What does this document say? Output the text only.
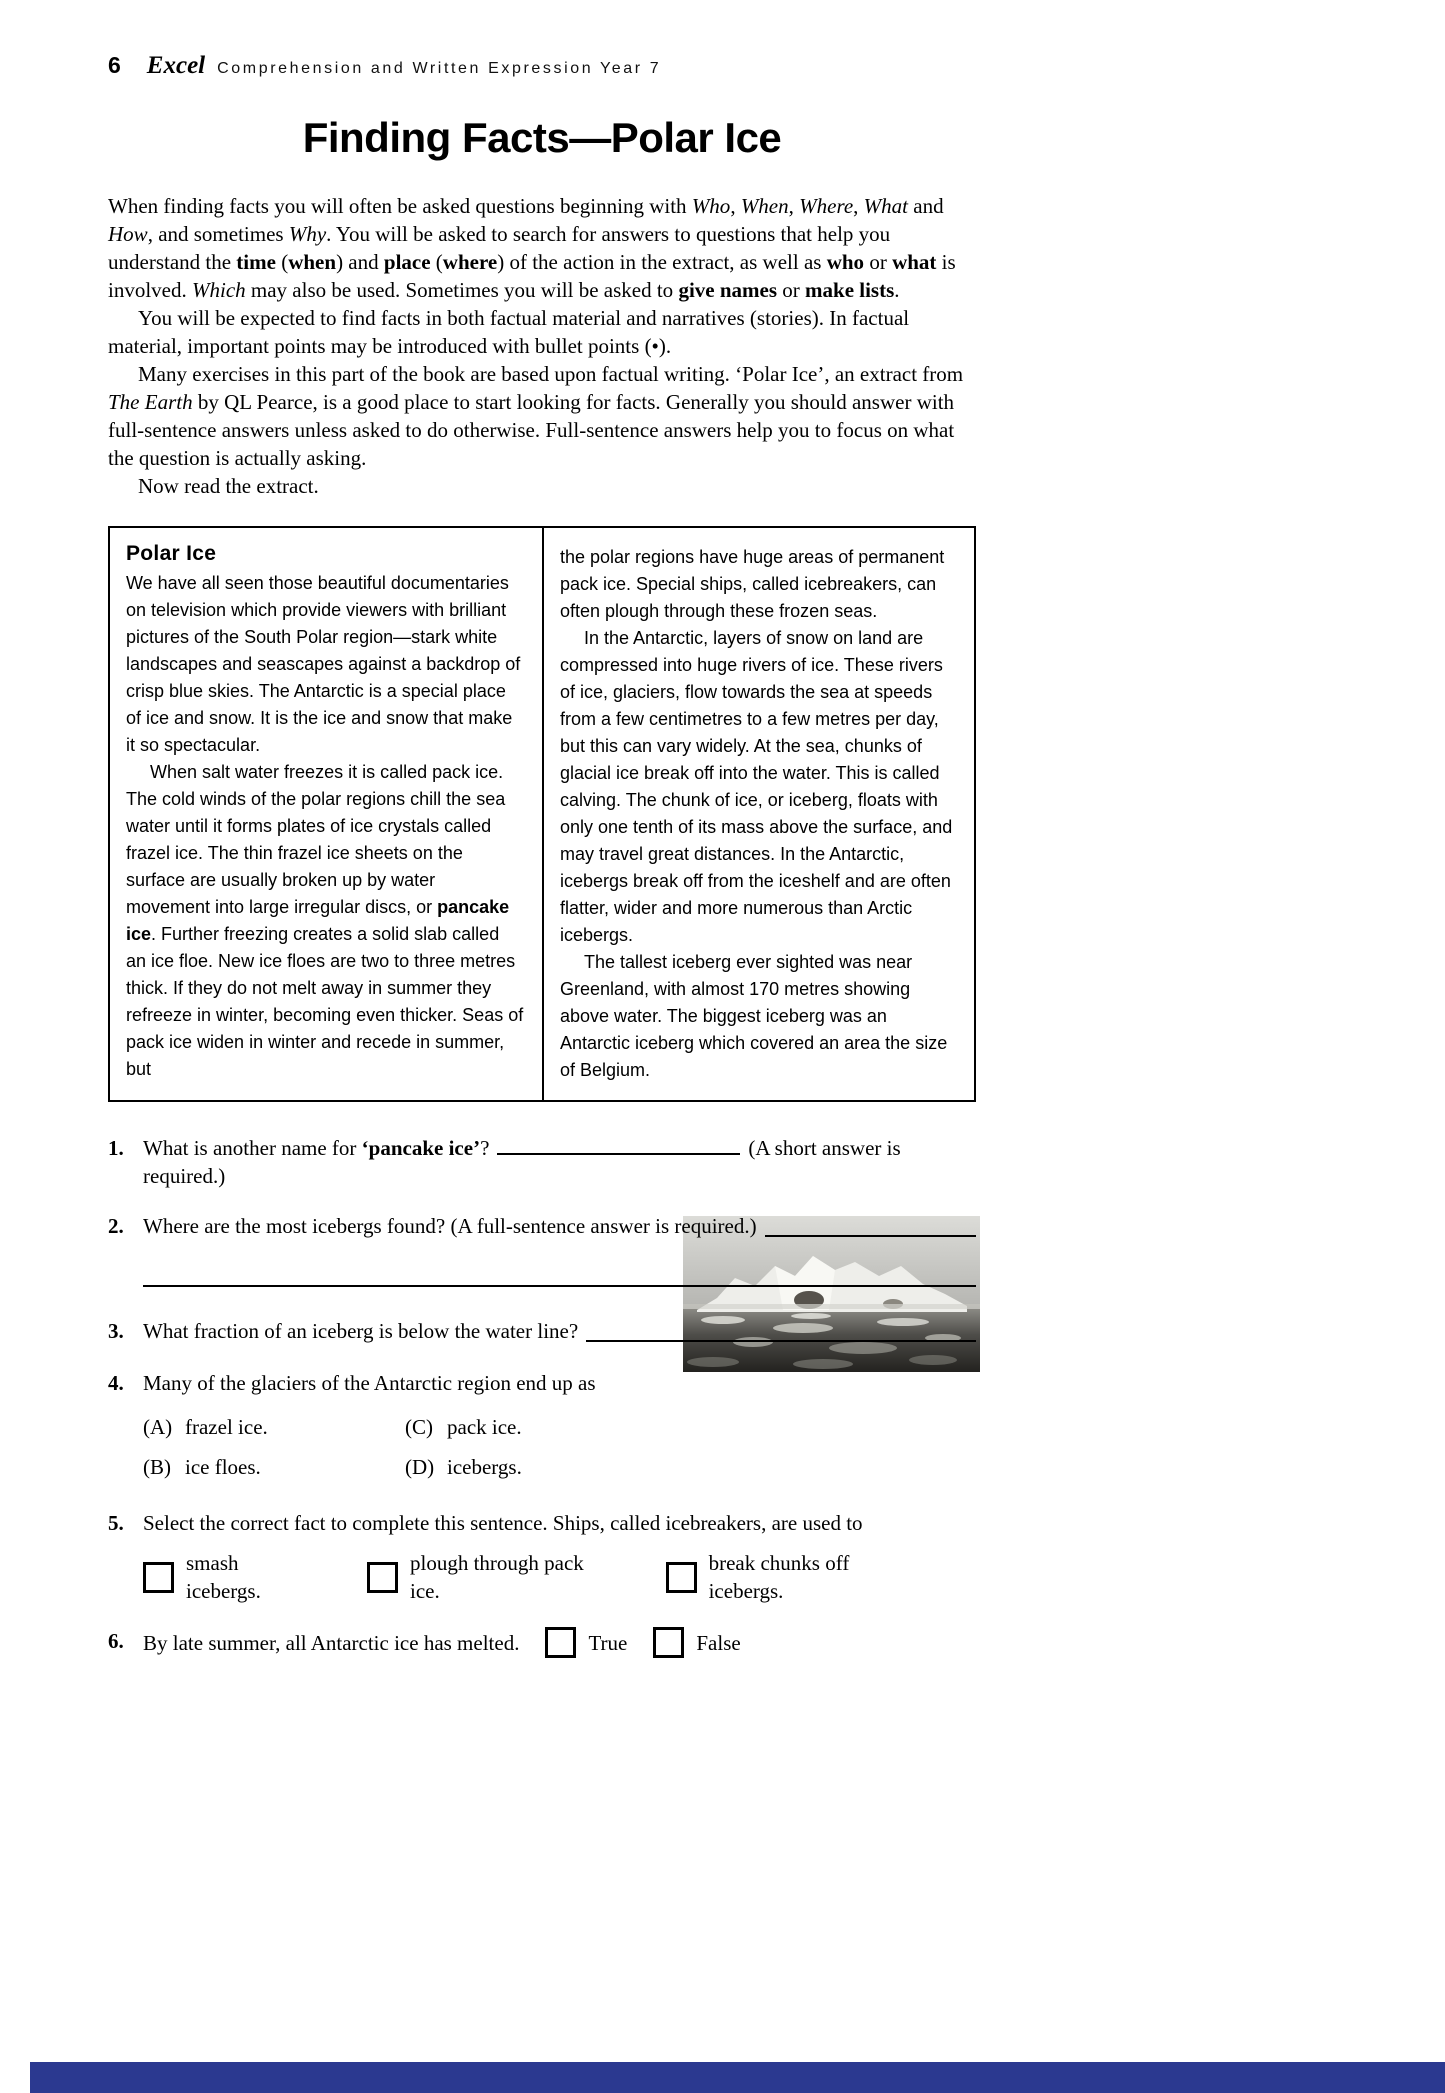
6 Excel Comprehension and Written Expression Year 7
Finding Facts—Polar Ice

When finding facts you will often be asked questions beginning with Who, When, Where, What and How, and sometimes Why. You will be asked to search for answers to questions that help you understand the time (when) and place (where) of the action in the extract, as well as who or what is involved. Which may also be used. Sometimes you will be asked to give names or make lists.

You will be expected to find facts in both factual material and narratives (stories). In factual material, important points may be introduced with bullet points (•).

Many exercises in this part of the book are based upon factual writing. ‘Polar Ice’, an extract from The Earth by QL Pearce, is a good place to start looking for facts. Generally you should answer with full-sentence answers unless asked to do otherwise. Full-sentence answers help you to focus on what the question is actually asking.

Now read the extract.

Polar Ice

We have all seen those beautiful documentaries on television which provide viewers with brilliant pictures of the South Polar region—stark white landscapes and seascapes against a backdrop of crisp blue skies. The Antarctic is a special place of ice and snow. It is the ice and snow that make it so spectacular.

When salt water freezes it is called pack ice. The cold winds of the polar regions chill the sea water until it forms plates of ice crystals called frazel ice. The thin frazel ice sheets on the surface are usually broken up by water movement into large irregular discs, or pancake ice. Further freezing creates a solid slab called an ice floe. New ice floes are two to three metres thick. If they do not melt away in summer they refreeze in winter, becoming even thicker. Seas of pack ice widen in winter and recede in summer, but

the polar regions have huge areas of permanent pack ice. Special ships, called icebreakers, can often plough through these frozen seas.

In the Antarctic, layers of snow on land are compressed into huge rivers of ice. These rivers of ice, glaciers, flow towards the sea at speeds from a few centimetres to a few metres per day, but this can vary widely. At the sea, chunks of glacial ice break off into the water. This is called calving. The chunk of ice, or iceberg, floats with only one tenth of its mass above the surface, and may travel great distances. In the Antarctic, icebergs break off from the iceshelf and are often flatter, wider and more numerous than Arctic icebergs.

The tallest iceberg ever sighted was near Greenland, with almost 170 metres showing above water. The biggest iceberg was an Antarctic iceberg which covered an area the size of Belgium.

1. What is another name for ‘pancake ice’?	(A short answer is required.)
2. Where are the most icebergs found? (A full-sentence answer is required.)
3. What fraction of an iceberg is below the water line?
4. Many of the glaciers of the Antarctic region end up as
(A) frazel ice.	(C) pack ice.
(B) ice floes.	(D) icebergs.
5. Select the correct fact to complete this sentence. Ships, called icebreakers, are used to
smash icebergs.
plough through pack ice.
break chunks off icebergs.
6. By late summer, all Antarctic ice has melted.	True	False
